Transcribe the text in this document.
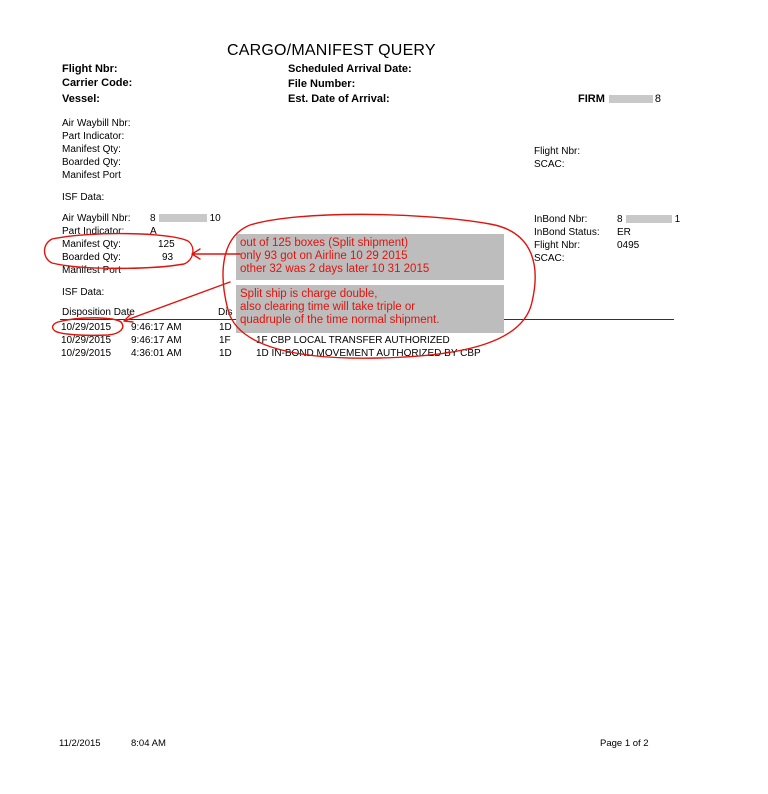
CARGO/MANIFEST QUERY
Flight Nbr:
Carrier Code:
Vessel:
Scheduled Arrival Date:
File Number:
Est. Date of Arrival:	FIRM	8
Air Waybill Nbr:
Part Indicator:
Manifest Qty:
Boarded Qty:
Manifest Port
Flight Nbr:
SCAC:
ISF Data:
Air Waybill Nbr: 8	10
Part Indicator:	A
Manifest Qty:	125
Boarded Qty:	93
Manifest Port
InBond Nbr:	8	1
InBond Status: ER
Flight Nbr:	0495
SCAC:
ISF Data:
Disposition Date	Dis
10/29/2015 9:46:17 AM	1D
10/29/2015 9:46:17 AM	1F	1F CBP LOCAL TRANSFER AUTHORIZED
10/29/2015 4:36:01 AM	1D 1D IN-BOND MOVEMENT AUTHORIZED BY CBP
out of 125 boxes (Split shipment)
only 93 got on Airline 10 29 2015
other 32 was 2 days later 10 31 2015
Split ship is charge double,
also clearing time will take triple or
quadruple of the time normal shipment.
11/2/2015	8:04 AM	Page 1 of 2
